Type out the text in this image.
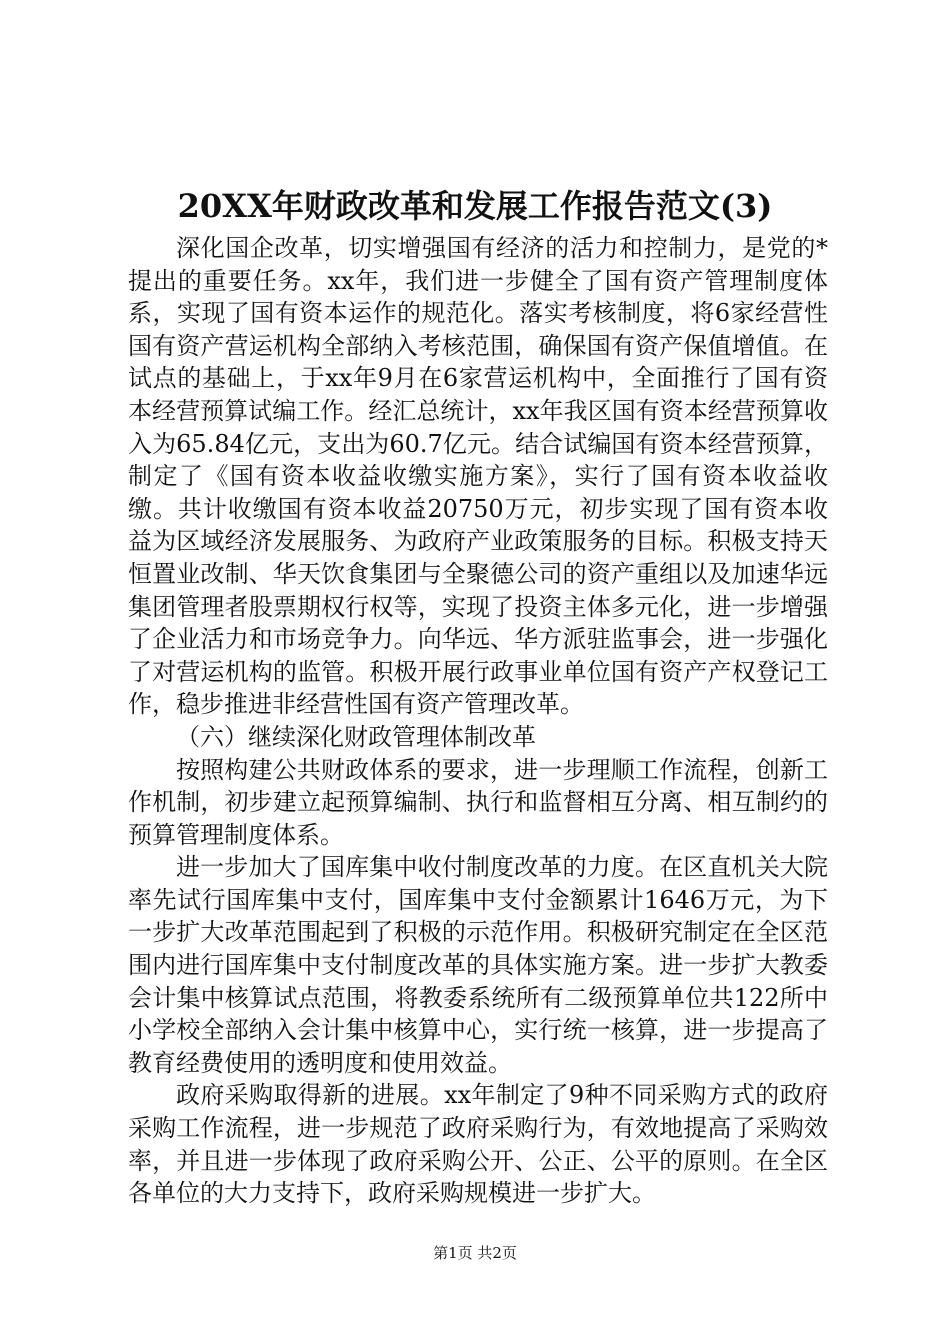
20XX年财政改革和发展工作报告范文(3)

深化国企改革，切实增强国有经济的活力和控制力，是党的*提出的重要任务。xx年，我们进一步健全了国有资产管理制度体系，实现了国有资本运作的规范化。落实考核制度，将6家经营性国有资产营运机构全部纳入考核范围，确保国有资产保值增值。在试点的基础上，于xx年9月在6家营运机构中，全面推行了国有资本经营预算试编工作。经汇总统计，xx年我区国有资本经营预算收入为65.84亿元，支出为60.7亿元。结合试编国有资本经营预算，制定了《国有资本收益收缴实施方案》，实行了国有资本收益收缴。共计收缴国有资本收益20750万元，初步实现了国有资本收益为区域经济发展服务、为政府产业政策服务的目标。积极支持天恒置业改制、华天饮食集团与全聚德公司的资产重组以及加速华远集团管理者股票期权行权等，实现了投资主体多元化，进一步增强了企业活力和市场竞争力。向华远、华方派驻监事会，进一步强化了对营运机构的监管。积极开展行政事业单位国有资产产权登记工作，稳步推进非经营性国有资产管理改革。

（六）继续深化财政管理体制改革

按照构建公共财政体系的要求，进一步理顺工作流程，创新工作机制，初步建立起预算编制、执行和监督相互分离、相互制约的预算管理制度体系。

进一步加大了国库集中收付制度改革的力度。在区直机关大院率先试行国库集中支付，国库集中支付金额累计1646万元，为下一步扩大改革范围起到了积极的示范作用。积极研究制定在全区范围内进行国库集中支付制度改革的具体实施方案。进一步扩大教委会计集中核算试点范围，将教委系统所有二级预算单位共122所中小学校全部纳入会计集中核算中心，实行统一核算，进一步提高了教育经费使用的透明度和使用效益。

政府采购取得新的进展。xx年制定了9种不同采购方式的政府采购工作流程，进一步规范了政府采购行为，有效地提高了采购效率，并且进一步体现了政府采购公开、公正、公平的原则。在全区各单位的大力支持下，政府采购规模进一步扩大。

第1页 共2页
